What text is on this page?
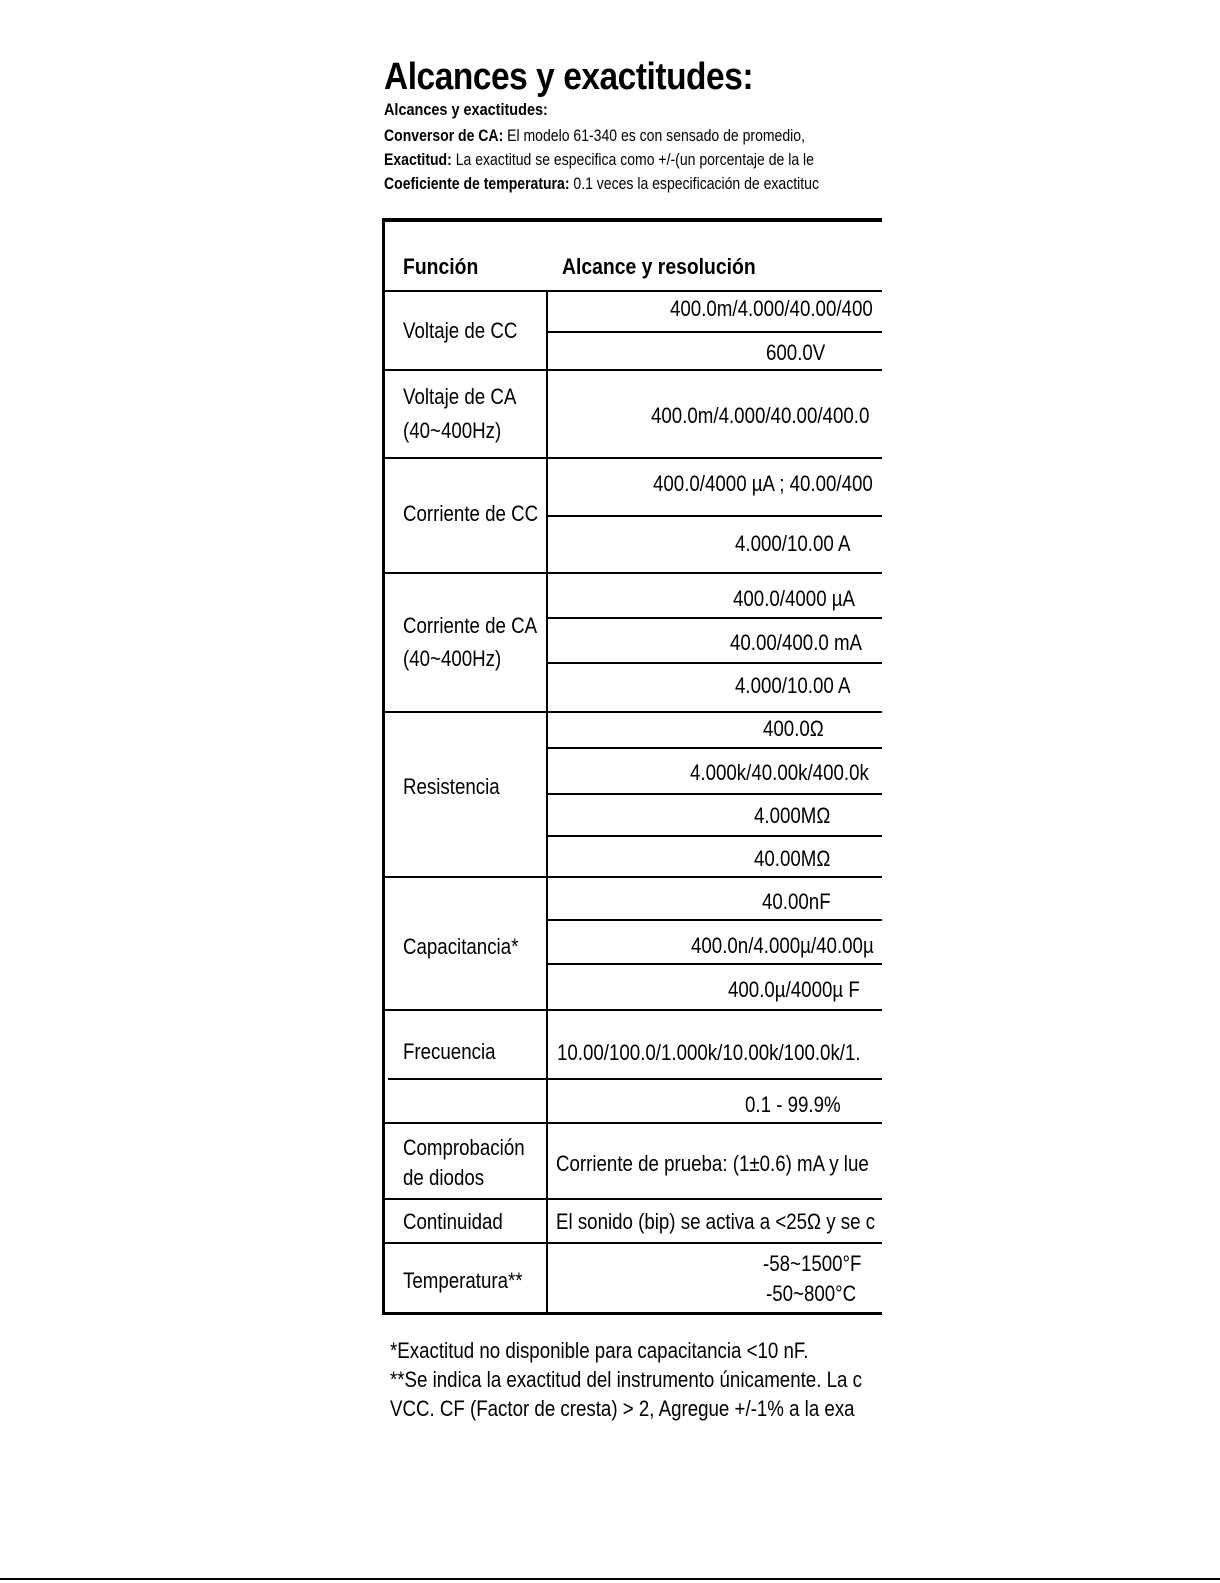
Alcances y exactitudes:
Alcances y exactitudes:
Conversor de CA: El modelo 61-340 es con sensado de promedio,
Exactitud: La exactitud se especifica como +/-(un porcentaje de la le
Coeficiente de temperatura: 0.1 veces la especificación de exactituc
Función	Alcance y resolución
Voltaje de CC
Voltaje de CA
(40~400Hz)
Corriente de CC
Corriente de CA
(40~400Hz)
Resistencia
Capacitancia*
Frecuencia
Comprobación
de diodos
Continuidad
Temperatura**
400.0m/4.000/40.00/400
600.0V
400.0m/4.000/40.00/400.0
400.0/4000 µA ; 40.00/400
4.000/10.00 A
400.0/4000 µA
40.00/400.0 mA
4.000/10.00 A
400.0Ω
4.000k/40.00k/400.0k
4.000MΩ
40.00MΩ
40.00nF
400.0n/4.000µ/40.00µ
400.0µ/4000µ F
10.00/100.0/1.000k/10.00k/100.0k/1.
0.1 - 99.9%
Corriente de prueba: (1±0.6) mA y lue
El sonido (bip) se activa a <25Ω y se c
-58~1500°F
-50~800°C
*Exactitud no disponible para capacitancia <10 nF.
**Se indica la exactitud del instrumento únicamente. La c
VCC. CF (Factor de cresta) > 2, Agregue +/-1% a la exa
